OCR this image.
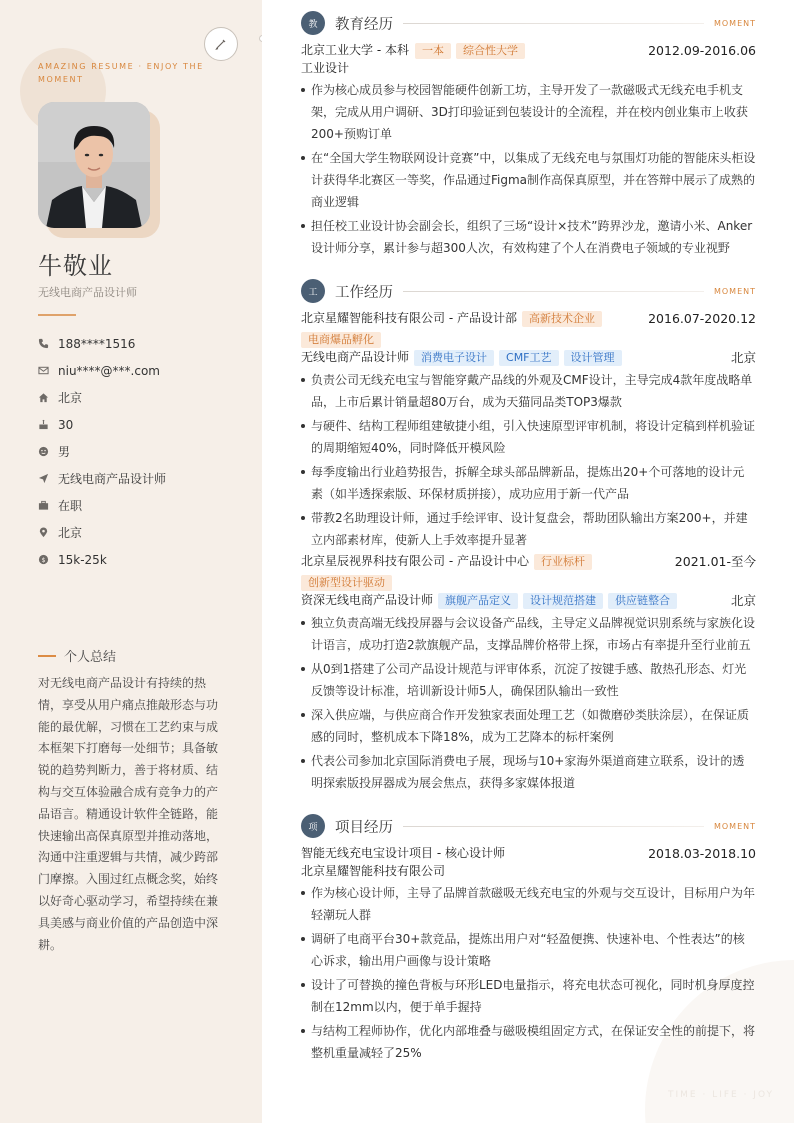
AMAZING RESUME · ENJOY THE MOMENT
牛敬业
无线电商产品设计师
188****1516
niu****@***.com
北京
30
男
无线电商产品设计师
在职
北京
$ 15k-25k
个人总结
对无线电商产品设计有持续的热情，享受从用户痛点推敲形态与功能的最优解，习惯在工艺约束与成本框架下打磨每一处细节；具备敏锐的趋势判断力，善于将材质、结构与交互体验融合成有竞争力的产品语言。精通设计软件全链路，能快速输出高保真原型并推动落地，沟通中注重逻辑与共情，减少跨部门摩擦。入围过红点概念奖，始终以好奇心驱动学习，希望持续在兼具美感与商业价值的产品创造中深耕。
TIME · LIFE · JOY
教	教育经历	MOMENT
北京工业大学 - 本科	一本	综合性大学	2012.09-2016.06
工业设计
作为核心成员参与校园智能硬件创新工坊，主导开发了一款磁吸式无线充电手机支架，完成从用户调研、3D打印验证到包装设计的全流程，并在校内创业集市上收获200+预购订单
在“全国大学生物联网设计竞赛”中，以集成了无线充电与氛围灯功能的智能床头柜设计获得华北赛区一等奖，作品通过Figma制作高保真原型，并在答辩中展示了成熟的商业逻辑
担任校工业设计协会副会长，组织了三场“设计×技术”跨界沙龙，邀请小米、Anker设计师分享，累计参与超300人次，有效构建了个人在消费电子领域的专业视野
工	工作经历	MOMENT
北京星耀智能科技有限公司 - 产品设计部	高新技术企业	2016.07-2020.12
电商爆品孵化
无线电商产品设计师	消费电子设计	CMF工艺	设计管理	北京
负责公司无线充电宝与智能穿戴产品线的外观及CMF设计，主导完成4款年度战略单品，上市后累计销量超80万台，成为天猫同品类TOP3爆款
与硬件、结构工程师组建敏捷小组，引入快速原型评审机制，将设计定稿到样机验证的周期缩短40%，同时降低开模风险
每季度输出行业趋势报告，拆解全球头部品牌新品，提炼出20+个可落地的设计元素（如半透探索版、环保材质拼接），成功应用于新一代产品
带教2名助理设计师，通过手绘评审、设计复盘会，帮助团队输出方案200+，并建立内部素材库，使新人上手效率提升显著
北京星辰视界科技有限公司 - 产品设计中心	行业标杆	2021.01-至今
创新型设计驱动
资深无线电商产品设计师	旗舰产品定义	设计规范搭建	供应链整合	北京
独立负责高端无线投屏器与会议设备产品线，主导定义品牌视觉识别系统与家族化设计语言，成功打造2款旗舰产品，支撑品牌价格带上探，市场占有率提升至行业前五
从0到1搭建了公司产品设计规范与评审体系，沉淀了按键手感、散热孔形态、灯光反馈等设计标准，培训新设计师5人，确保团队输出一致性
深入供应端，与供应商合作开发独家表面处理工艺（如微磨砂类肤涂层），在保证质感的同时，整机成本下降18%，成为工艺降本的标杆案例
代表公司参加北京国际消费电子展，现场与10+家海外渠道商建立联系，设计的透明探索版投屏器成为展会焦点，获得多家媒体报道
项	项目经历	MOMENT
智能无线充电宝设计项目 - 核心设计师	2018.03-2018.10
北京星耀智能科技有限公司
作为核心设计师，主导了品牌首款磁吸无线充电宝的外观与交互设计，目标用户为年轻潮玩人群
调研了电商平台30+款竞品，提炼出用户对“轻盈便携、快速补电、个性表达”的核心诉求，输出用户画像与设计策略
设计了可替换的撞色背板与环形LED电量指示，将充电状态可视化，同时机身厚度控制在12mm以内，便于单手握持
与结构工程师协作，优化内部堆叠与磁吸模组固定方式，在保证安全性的前提下，将整机重量减轻了25%
